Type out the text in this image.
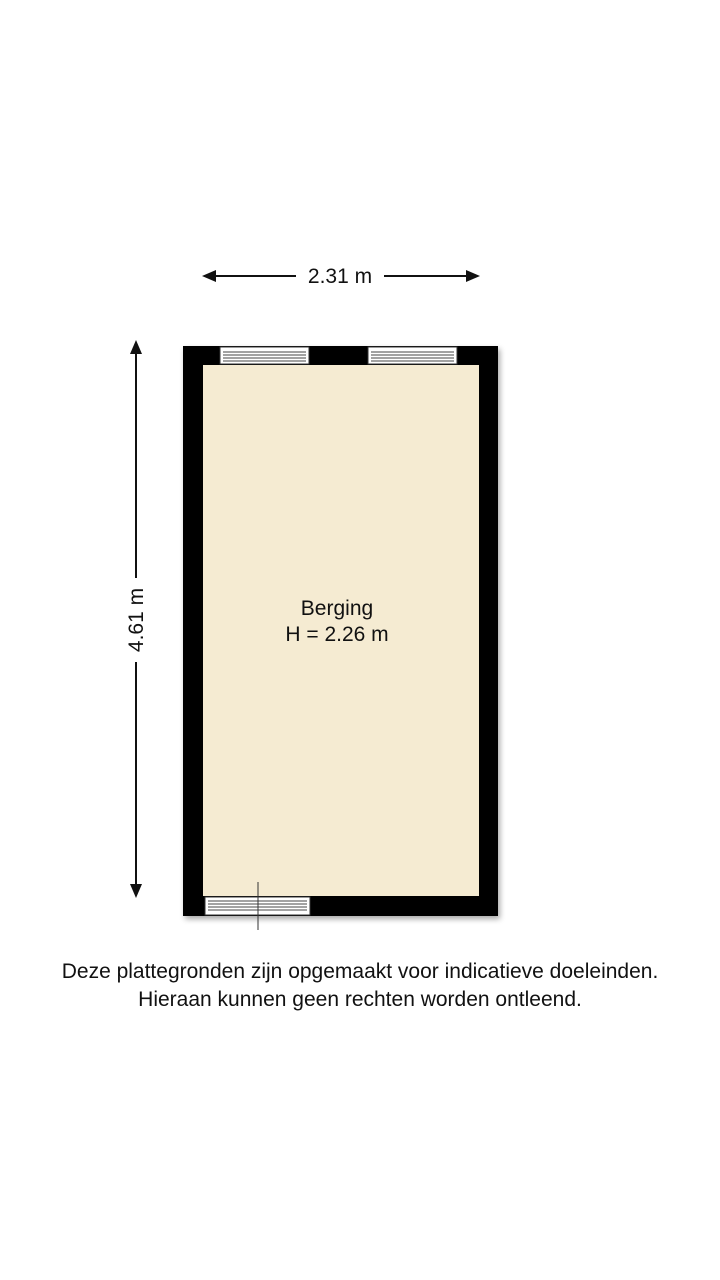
2.31 m
4.61 m	Berging
H = 2.26 m
Deze plattegronden zijn opgemaakt voor indicatieve doeleinden.
Hieraan kunnen geen rechten worden ontleend.
